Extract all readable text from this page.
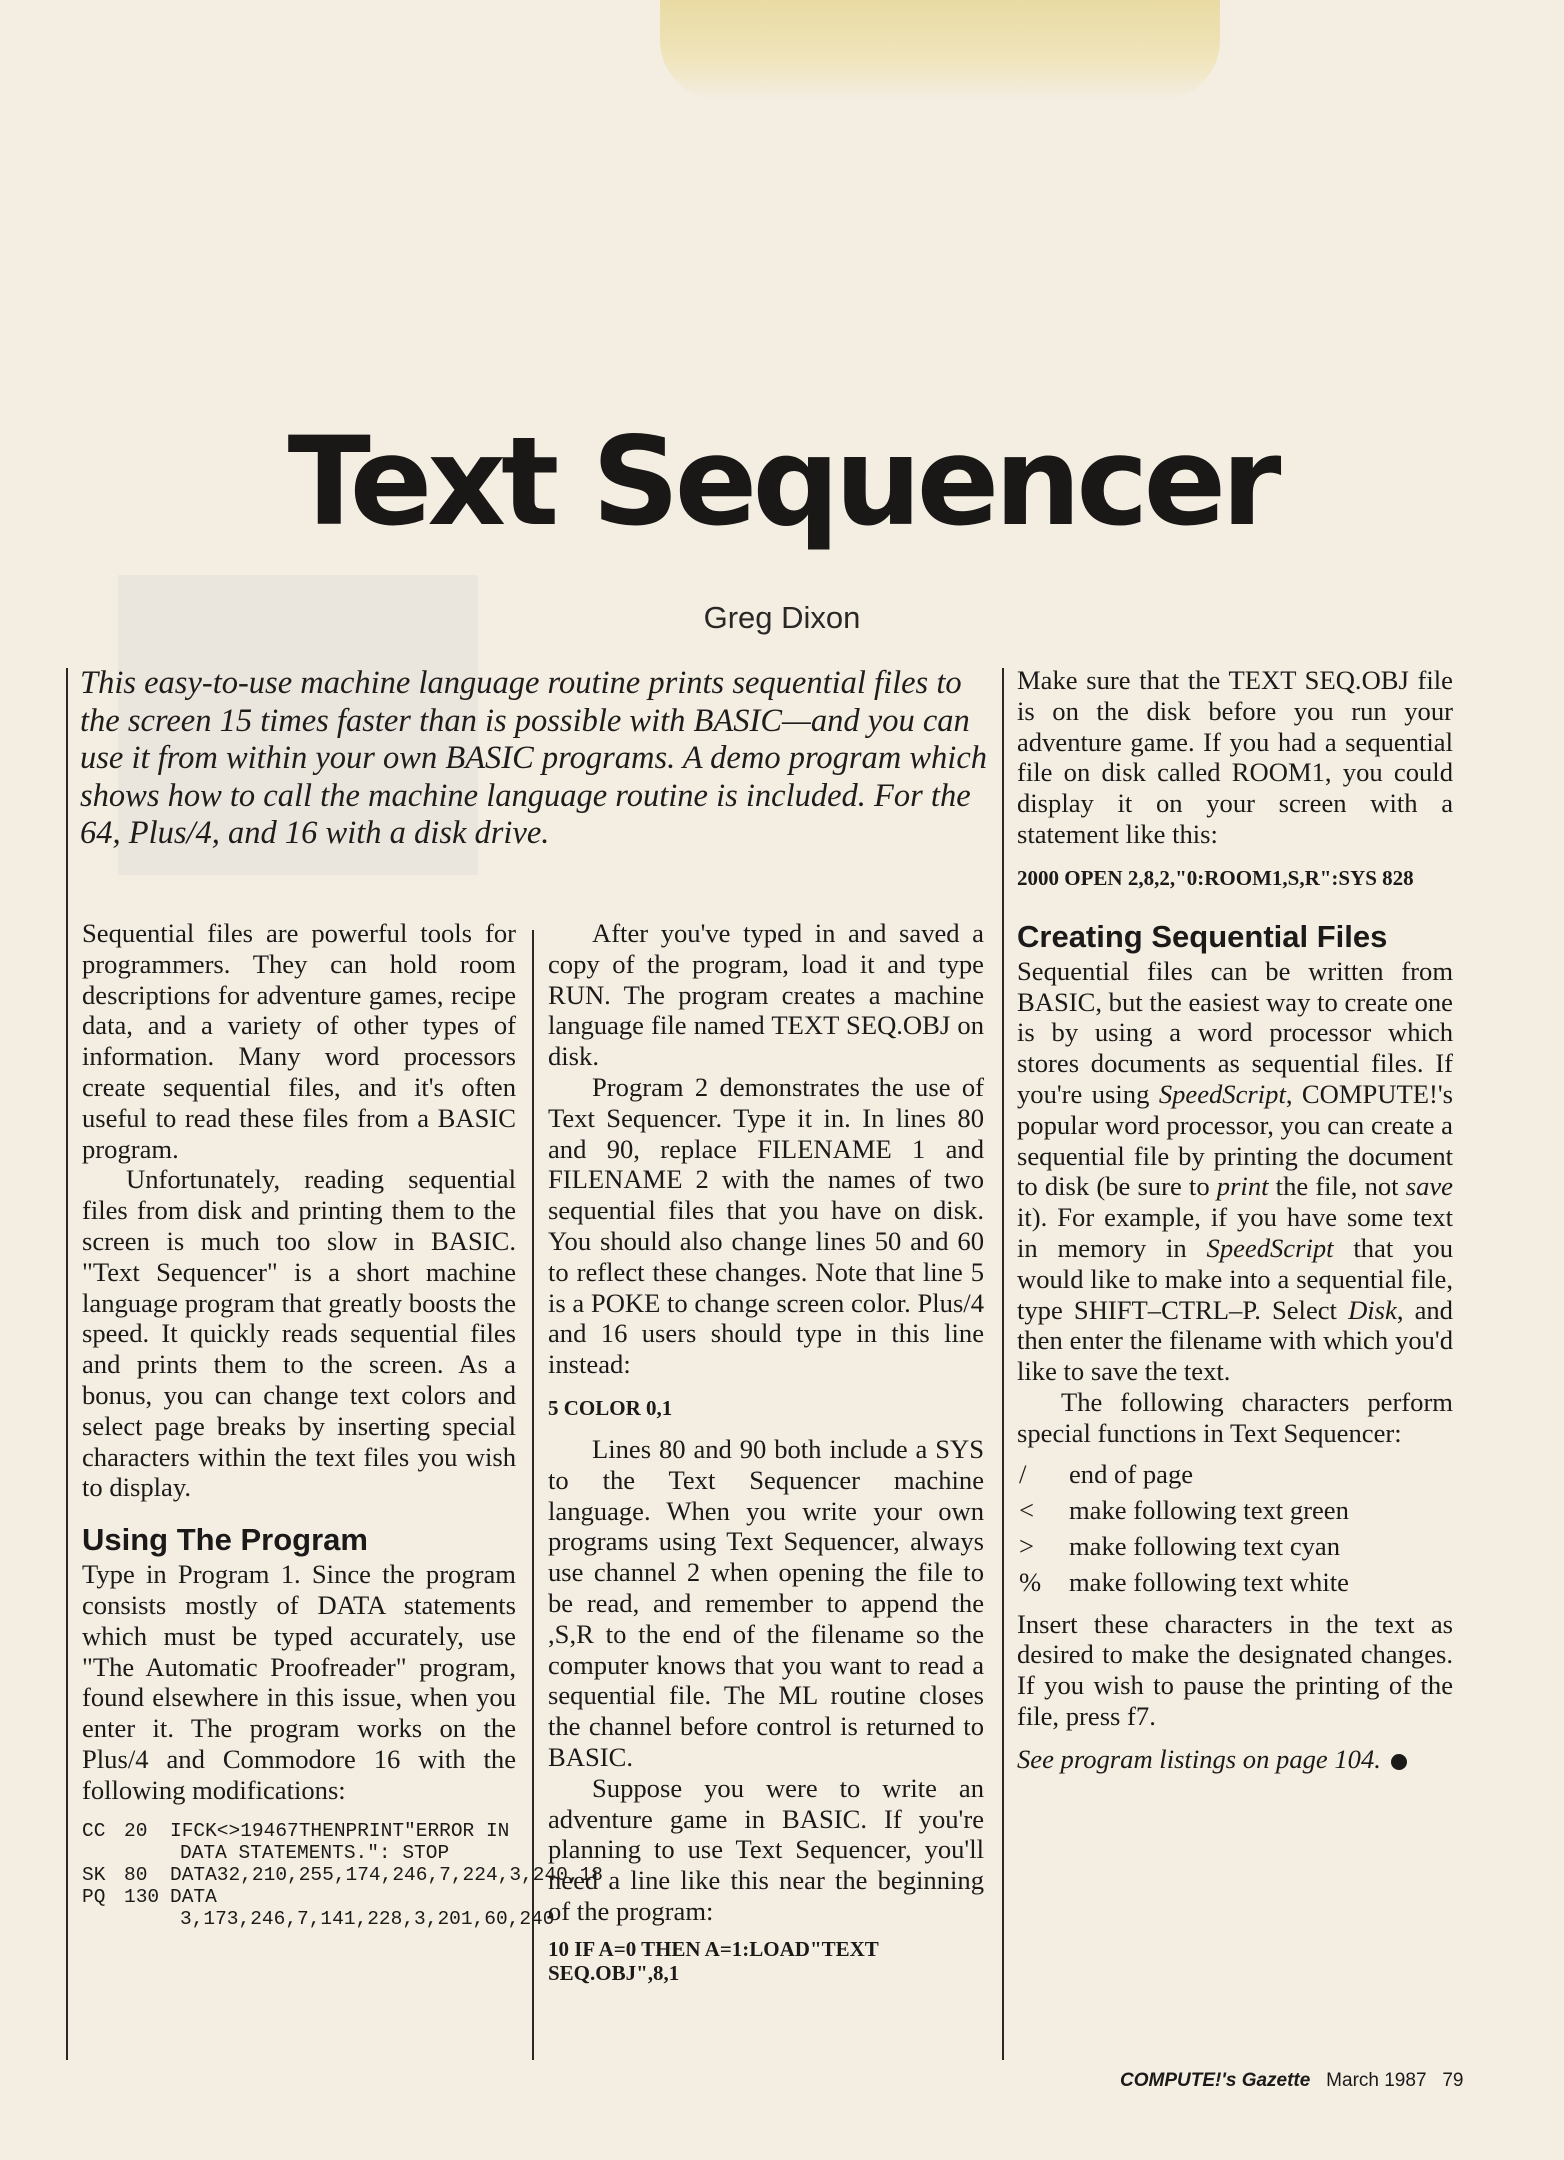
Text Sequencer
Greg Dixon
This easy-to-use machine language routine prints sequential files to the screen 15 times faster than is possible with BASIC—and you can use it from within your own BASIC programs. A demo program which shows how to call the machine language routine is included. For the 64, Plus/4, and 16 with a disk drive.

Sequential files are powerful tools for programmers. They can hold room descriptions for adventure games, recipe data, and a variety of other types of information. Many word processors create sequential files, and it's often useful to read these files from a BASIC program.

Unfortunately, reading sequential files from disk and printing them to the screen is much too slow in BASIC. "Text Sequencer" is a short machine language program that greatly boosts the speed. It quickly reads sequential files and prints them to the screen. As a bonus, you can change text colors and select page breaks by inserting special characters within the text files you wish to display.

Using The Program

Type in Program 1. Since the program consists mostly of DATA statements which must be typed accurately, use "The Automatic Proofreader" program, found elsewhere in this issue, when you enter it. The program works on the Plus/4 and Commodore 16 with the following modifications:

CC 20	IFCK<>19467THENPRINT"ERROR IN DATA STATEMENTS.": STOP
SK 80	DATA32,210,255,174,246,7,224,3,240,18
PQ 130 DATA 3,173,246,7,141,228,3,201,60,240

After you've typed in and saved a copy of the program, load it and type RUN. The program creates a machine language file named TEXT SEQ.OBJ on disk.

Program 2 demonstrates the use of Text Sequencer. Type it in. In lines 80 and 90, replace FILENAME 1 and FILENAME 2 with the names of two sequential files that you have on disk. You should also change lines 50 and 60 to reflect these changes. Note that line 5 is a POKE to change screen color. Plus/4 and 16 users should type in this line instead:

5 COLOR 0,1

Lines 80 and 90 both include a SYS to the Text Sequencer machine language. When you write your own programs using Text Sequencer, always use channel 2 when opening the file to be read, and remember to append the ,S,R to the end of the filename so the computer knows that you want to read a sequential file. The ML routine closes the channel before control is returned to BASIC.

Suppose you were to write an adventure game in BASIC. If you're planning to use Text Sequencer, you'll need a line like this near the beginning of the program:

10 IF A=0 THEN A=1:LOAD"TEXT SEQ.OBJ",8,1

Make sure that the TEXT SEQ.OBJ file is on the disk before you run your adventure game. If you had a sequential file on disk called ROOM1, you could display it on your screen with a statement like this:

2000 OPEN 2,8,2,"0:ROOM1,S,R":SYS 828
Creating Sequential Files

Sequential files can be written from BASIC, but the easiest way to create one is by using a word processor which stores documents as sequential files. If you're using SpeedScript, COMPUTE!'s popular word processor, you can create a sequential file by printing the document to disk (be sure to print the file, not save it). For example, if you have some text in memory in SpeedScript that you would like to make into a sequential file, type SHIFT–CTRL–P. Select Disk, and then enter the filename with which you'd like to save the text.

The following characters perform special functions in Text Sequencer:

/	end of page
<	make following text green
>	make following text cyan
%	make following text white

Insert these characters in the text as desired to make the designated changes. If you wish to pause the printing of the file, press f7.

See program listings on page 104.

COMPUTE!'s Gazette March 1987 79
